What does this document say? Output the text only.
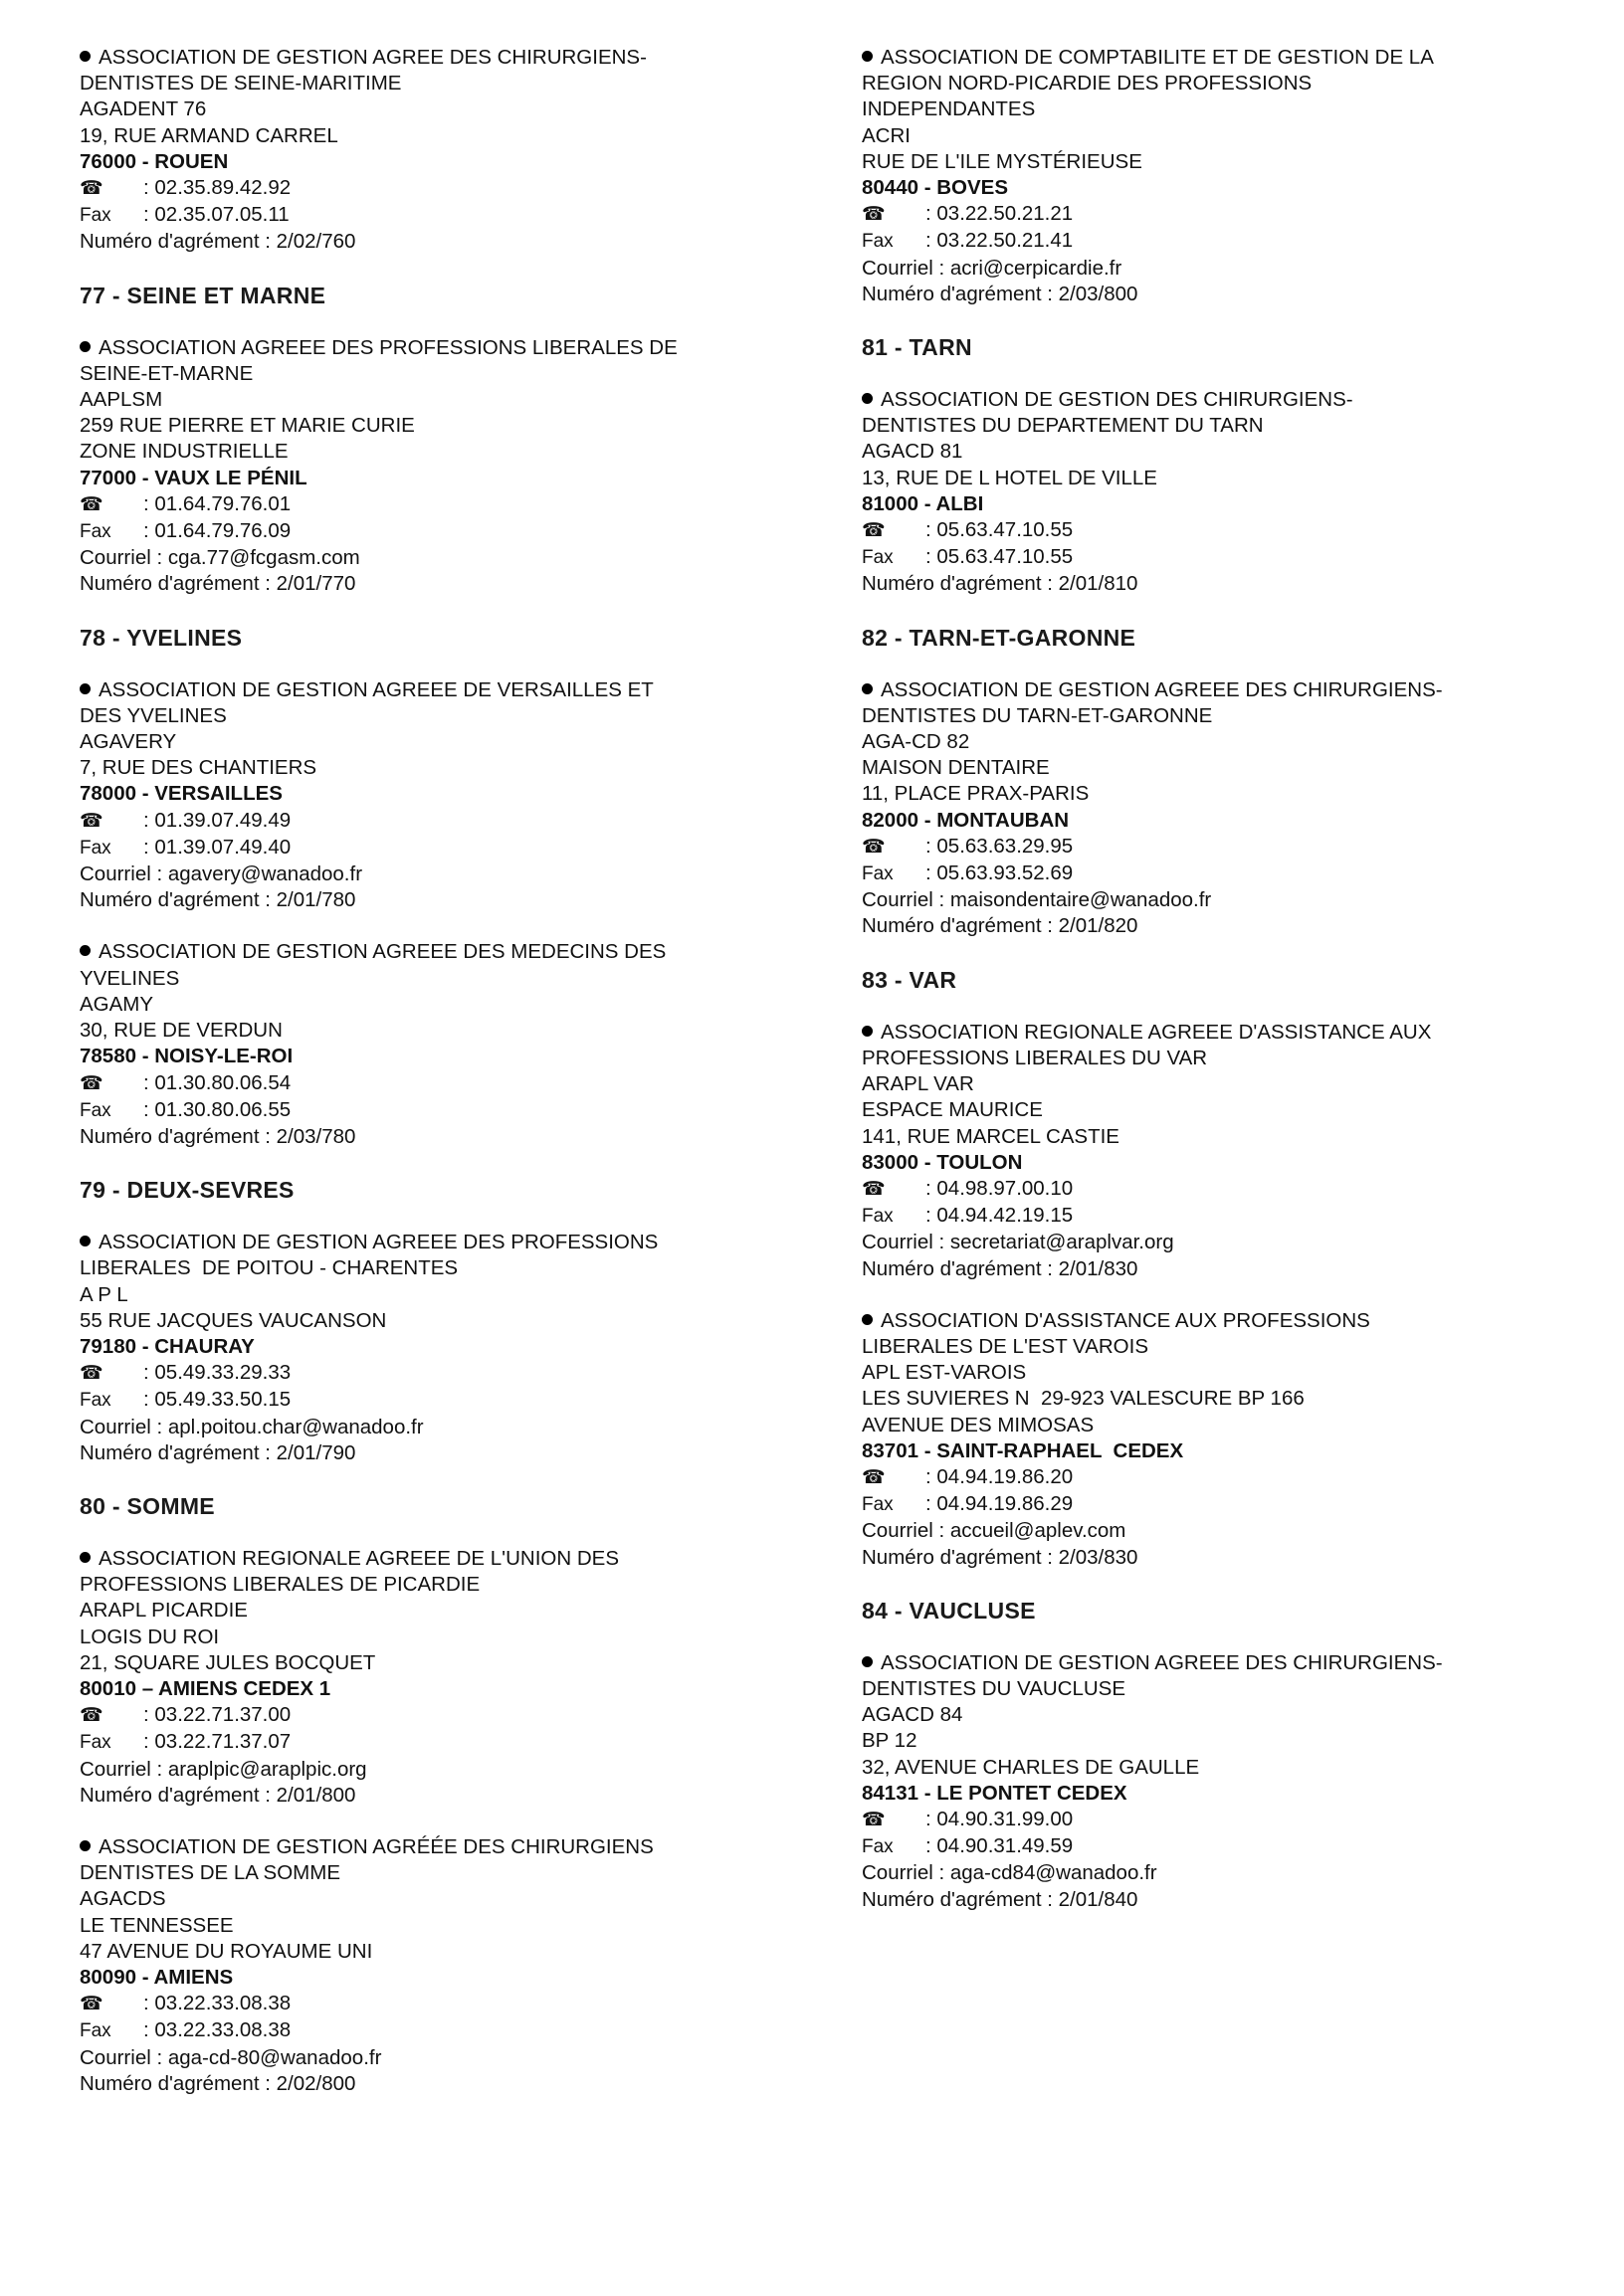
ASSOCIATION DE GESTION AGREE DES CHIRURGIENS-
DENTISTES DE SEINE-MARITIME
AGADENT 76
19, RUE ARMAND CARREL
76000 - ROUEN
☎ : 02.35.89.42.92
Fax : 02.35.07.05.11
Numéro d'agrément : 2/02/760
77 - SEINE ET MARNE
ASSOCIATION AGREEE DES PROFESSIONS LIBERALES DE
SEINE-ET-MARNE
AAPLSM
259 RUE PIERRE ET MARIE CURIE
ZONE INDUSTRIELLE
77000 - VAUX LE PÉNIL
☎ : 01.64.79.76.01
Fax : 01.64.79.76.09
Courriel : cga.77@fcgasm.com
Numéro d'agrément : 2/01/770
78 - YVELINES
ASSOCIATION DE GESTION AGREEE DE VERSAILLES ET
DES YVELINES
AGAVERY
7, RUE DES CHANTIERS
78000 - VERSAILLES
☎ : 01.39.07.49.49
Fax : 01.39.07.49.40
Courriel : agavery@wanadoo.fr
Numéro d'agrément : 2/01/780
ASSOCIATION DE GESTION AGREEE DES MEDECINS DES
YVELINES
AGAMY
30, RUE DE VERDUN
78580 - NOISY-LE-ROI
☎ : 01.30.80.06.54
Fax : 01.30.80.06.55
Numéro d'agrément : 2/03/780
79 - DEUX-SEVRES
ASSOCIATION DE GESTION AGREEE DES PROFESSIONS
LIBERALES  DE POITOU - CHARENTES
A P L
55 RUE JACQUES VAUCANSON
79180 - CHAURAY
☎ : 05.49.33.29.33
Fax : 05.49.33.50.15
Courriel : apl.poitou.char@wanadoo.fr
Numéro d'agrément : 2/01/790
80 - SOMME
ASSOCIATION REGIONALE AGREEE DE L'UNION DES
PROFESSIONS LIBERALES DE PICARDIE
ARAPL PICARDIE
LOGIS DU ROI
21, SQUARE JULES BOCQUET
80010 – AMIENS CEDEX 1
☎ : 03.22.71.37.00
Fax : 03.22.71.37.07
Courriel : araplpic@araplpic.org
Numéro d'agrément : 2/01/800
ASSOCIATION DE GESTION AGRÉÉE DES CHIRURGIENS
DENTISTES DE LA SOMME
AGACDS
LE TENNESSEE
47 AVENUE DU ROYAUME UNI
80090 - AMIENS
☎ : 03.22.33.08.38
Fax : 03.22.33.08.38
Courriel : aga-cd-80@wanadoo.fr
Numéro d'agrément : 2/02/800
ASSOCIATION DE COMPTABILITE ET DE GESTION DE LA
REGION NORD-PICARDIE DES PROFESSIONS
INDEPENDANTES
ACRI
RUE DE L'ILE MYSTÉRIEUSE
80440 - BOVES
☎ : 03.22.50.21.21
Fax : 03.22.50.21.41
Courriel : acri@cerpicardie.fr
Numéro d'agrément : 2/03/800
81 - TARN
ASSOCIATION DE GESTION DES CHIRURGIENS-
DENTISTES DU DEPARTEMENT DU TARN
AGACD 81
13, RUE DE L HOTEL DE VILLE
81000 - ALBI
☎ : 05.63.47.10.55
Fax : 05.63.47.10.55
Numéro d'agrément : 2/01/810
82 - TARN-ET-GARONNE
ASSOCIATION DE GESTION AGREEE DES CHIRURGIENS-
DENTISTES DU TARN-ET-GARONNE
AGA-CD 82
MAISON DENTAIRE
11, PLACE PRAX-PARIS
82000 - MONTAUBAN
☎ : 05.63.63.29.95
Fax : 05.63.93.52.69
Courriel : maisondentaire@wanadoo.fr
Numéro d'agrément : 2/01/820
83 - VAR
ASSOCIATION REGIONALE AGREEE D'ASSISTANCE AUX
PROFESSIONS LIBERALES DU VAR
ARAPL VAR
ESPACE MAURICE
141, RUE MARCEL CASTIE
83000 - TOULON
☎ : 04.98.97.00.10
Fax : 04.94.42.19.15
Courriel : secretariat@araplvar.org
Numéro d'agrément : 2/01/830
ASSOCIATION D'ASSISTANCE AUX PROFESSIONS
LIBERALES DE L'EST VAROIS
APL EST-VAROIS
LES SUVIERES N  29-923 VALESCURE BP 166
AVENUE DES MIMOSAS
83701 - SAINT-RAPHAEL  CEDEX
☎ : 04.94.19.86.20
Fax : 04.94.19.86.29
Courriel : accueil@aplev.com
Numéro d'agrément : 2/03/830
84 - VAUCLUSE
ASSOCIATION DE GESTION AGREEE DES CHIRURGIENS-
DENTISTES DU VAUCLUSE
AGACD 84
BP 12
32, AVENUE CHARLES DE GAULLE
84131 - LE PONTET CEDEX
☎ : 04.90.31.99.00
Fax : 04.90.31.49.59
Courriel : aga-cd84@wanadoo.fr
Numéro d'agrément : 2/01/840
